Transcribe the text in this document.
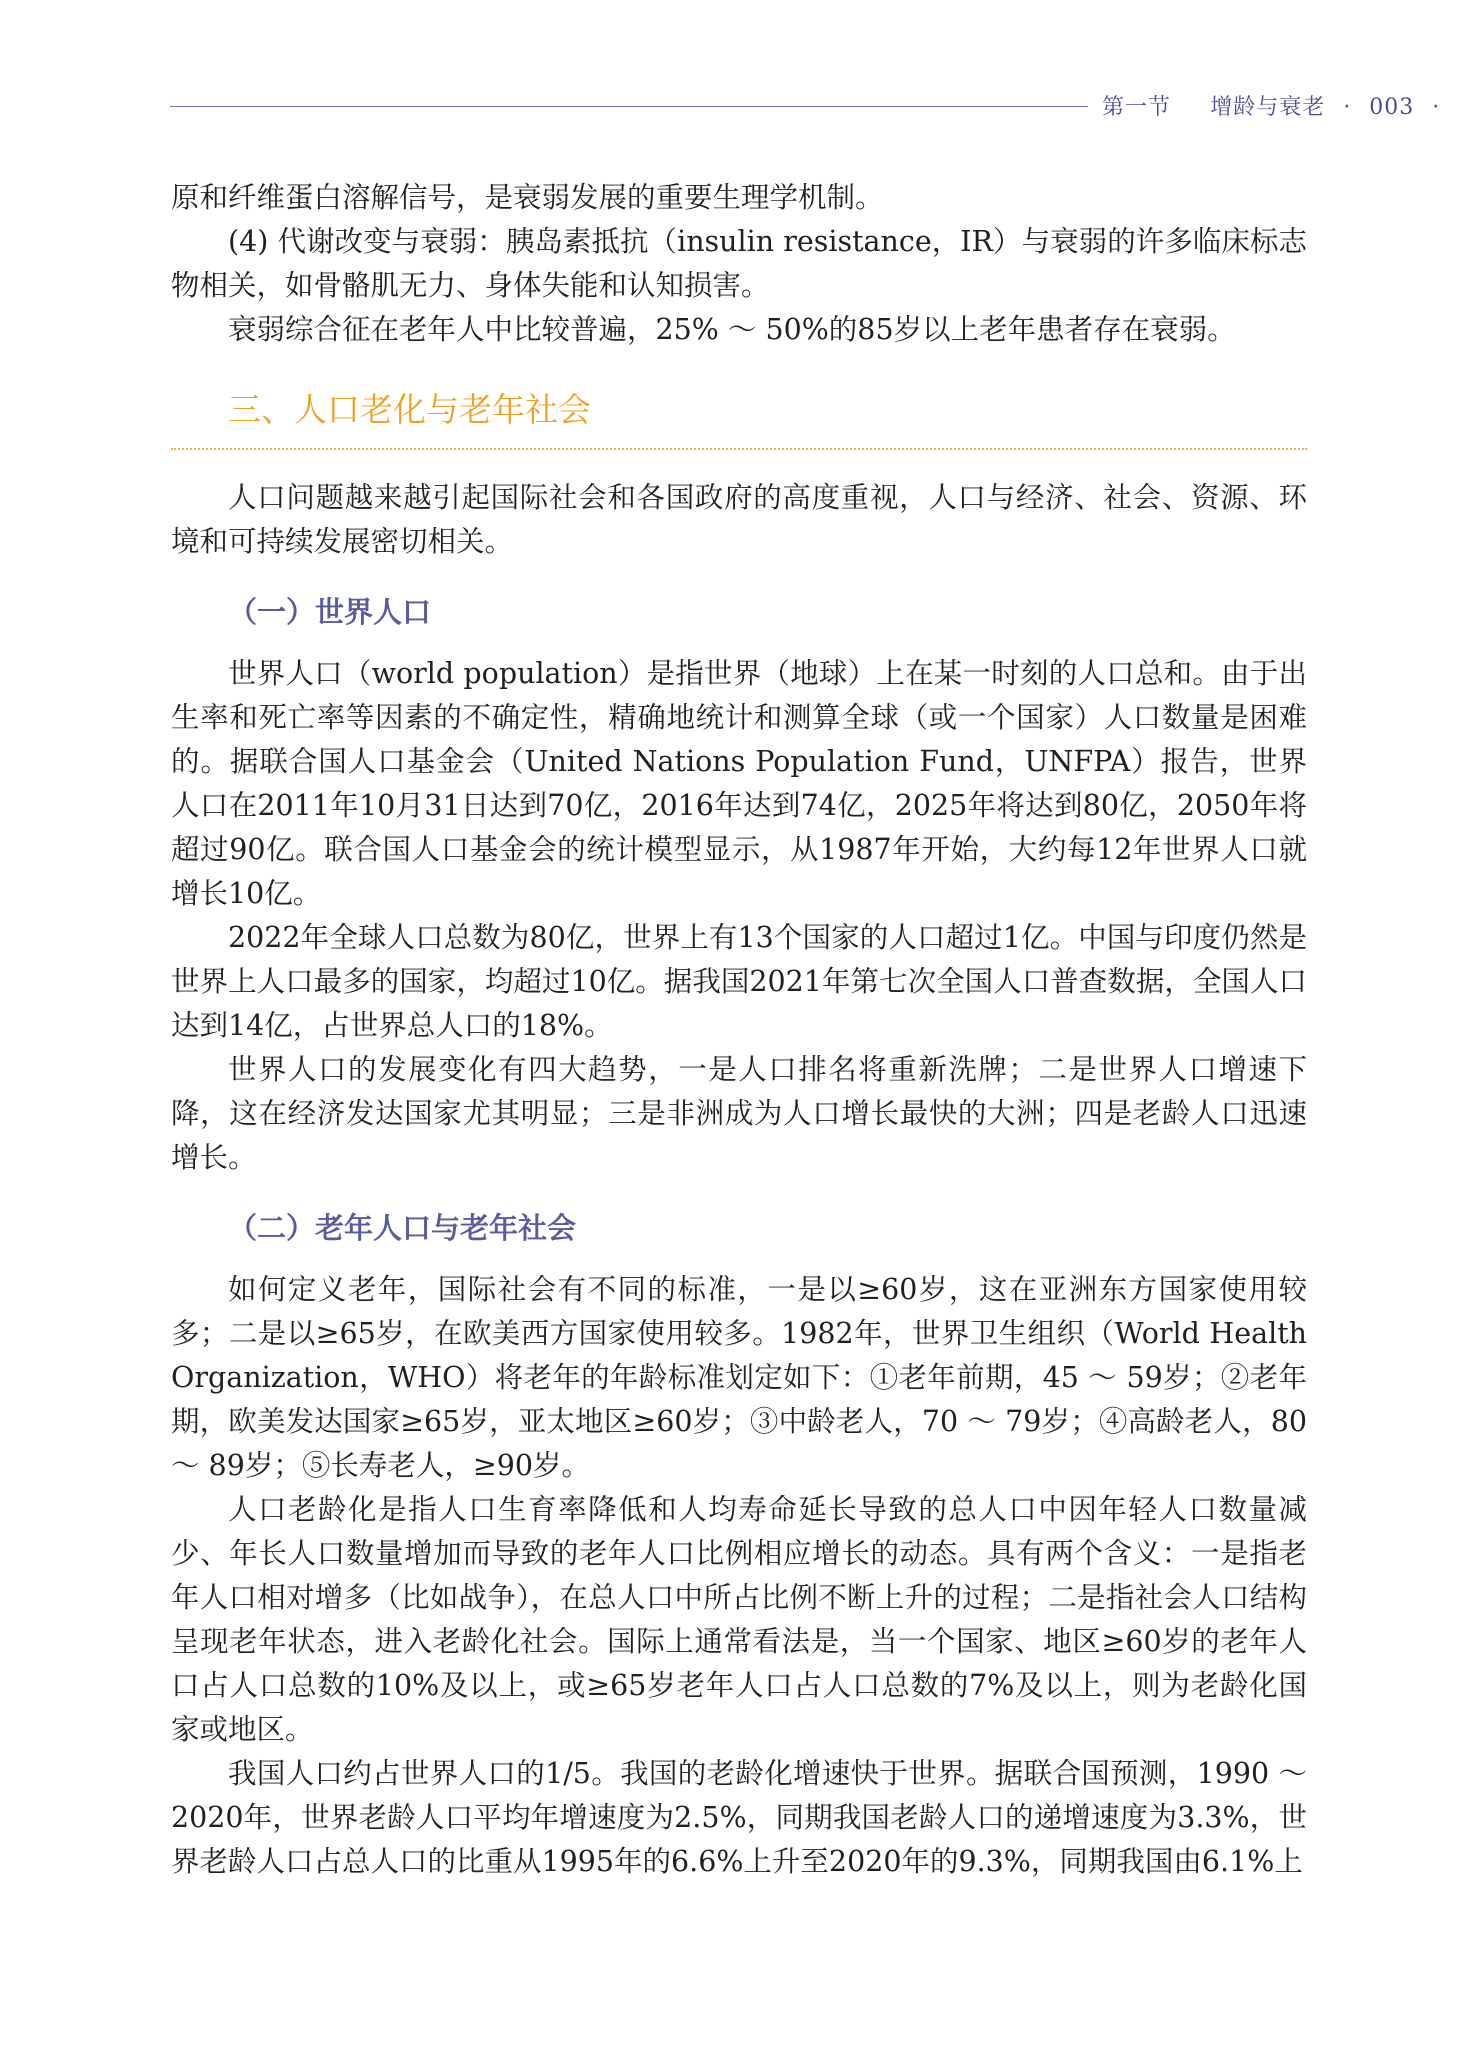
第一节   增龄与衰老 · 003 ·

原和纤维蛋白溶解信号，是衰弱发展的重要生理学机制。

(4) 代谢改变与衰弱：胰岛素抵抗（insulin resistance，IR）与衰弱的许多临床标志物相关，如骨骼肌无力、身体失能和认知损害。

衰弱综合征在老年人中比较普遍，25% ～ 50%的85岁以上老年患者存在衰弱。

三、人口老化与老年社会

人口问题越来越引起国际社会和各国政府的高度重视，人口与经济、社会、资源、环境和可持续发展密切相关。

（一）世界人口

世界人口（world population）是指世界（地球）上在某一时刻的人口总和。由于出生率和死亡率等因素的不确定性，精确地统计和测算全球（或一个国家）人口数量是困难的。据联合国人口基金会（United Nations Population Fund，UNFPA）报告，世界人口在2011年10月31日达到70亿，2016年达到74亿，2025年将达到80亿，2050年将超过90亿。联合国人口基金会的统计模型显示，从1987年开始，大约每12年世界人口就增长10亿。

2022年全球人口总数为80亿，世界上有13个国家的人口超过1亿。中国与印度仍然是世界上人口最多的国家，均超过10亿。据我国2021年第七次全国人口普查数据，全国人口达到14亿，占世界总人口的18%。

世界人口的发展变化有四大趋势，一是人口排名将重新洗牌；二是世界人口增速下降，这在经济发达国家尤其明显；三是非洲成为人口增长最快的大洲；四是老龄人口迅速增长。

（二）老年人口与老年社会

如何定义老年，国际社会有不同的标准，一是以≥60岁，这在亚洲东方国家使用较多；二是以≥65岁，在欧美西方国家使用较多。1982年，世界卫生组织（World Health Organization，WHO）将老年的年龄标准划定如下：①老年前期，45 ～ 59岁；②老年期，欧美发达国家≥65岁，亚太地区≥60岁；③中龄老人，70 ～ 79岁；④高龄老人，80 ～ 89岁；⑤长寿老人，≥90岁。

人口老龄化是指人口生育率降低和人均寿命延长导致的总人口中因年轻人口数量减少、年长人口数量增加而导致的老年人口比例相应增长的动态。具有两个含义：一是指老年人口相对增多（比如战争），在总人口中所占比例不断上升的过程；二是指社会人口结构呈现老年状态，进入老龄化社会。国际上通常看法是，当一个国家、地区≥60岁的老年人口占人口总数的10%及以上，或≥65岁老年人口占人口总数的7%及以上，则为老龄化国家或地区。

我国人口约占世界人口的1/5。我国的老龄化增速快于世界。据联合国预测，1990 ～ 2020年，世界老龄人口平均年增速度为2.5%，同期我国老龄人口的递增速度为3.3%，世界老龄人口占总人口的比重从1995年的6.6%上升至2020年的9.3%，同期我国由6.1%上
